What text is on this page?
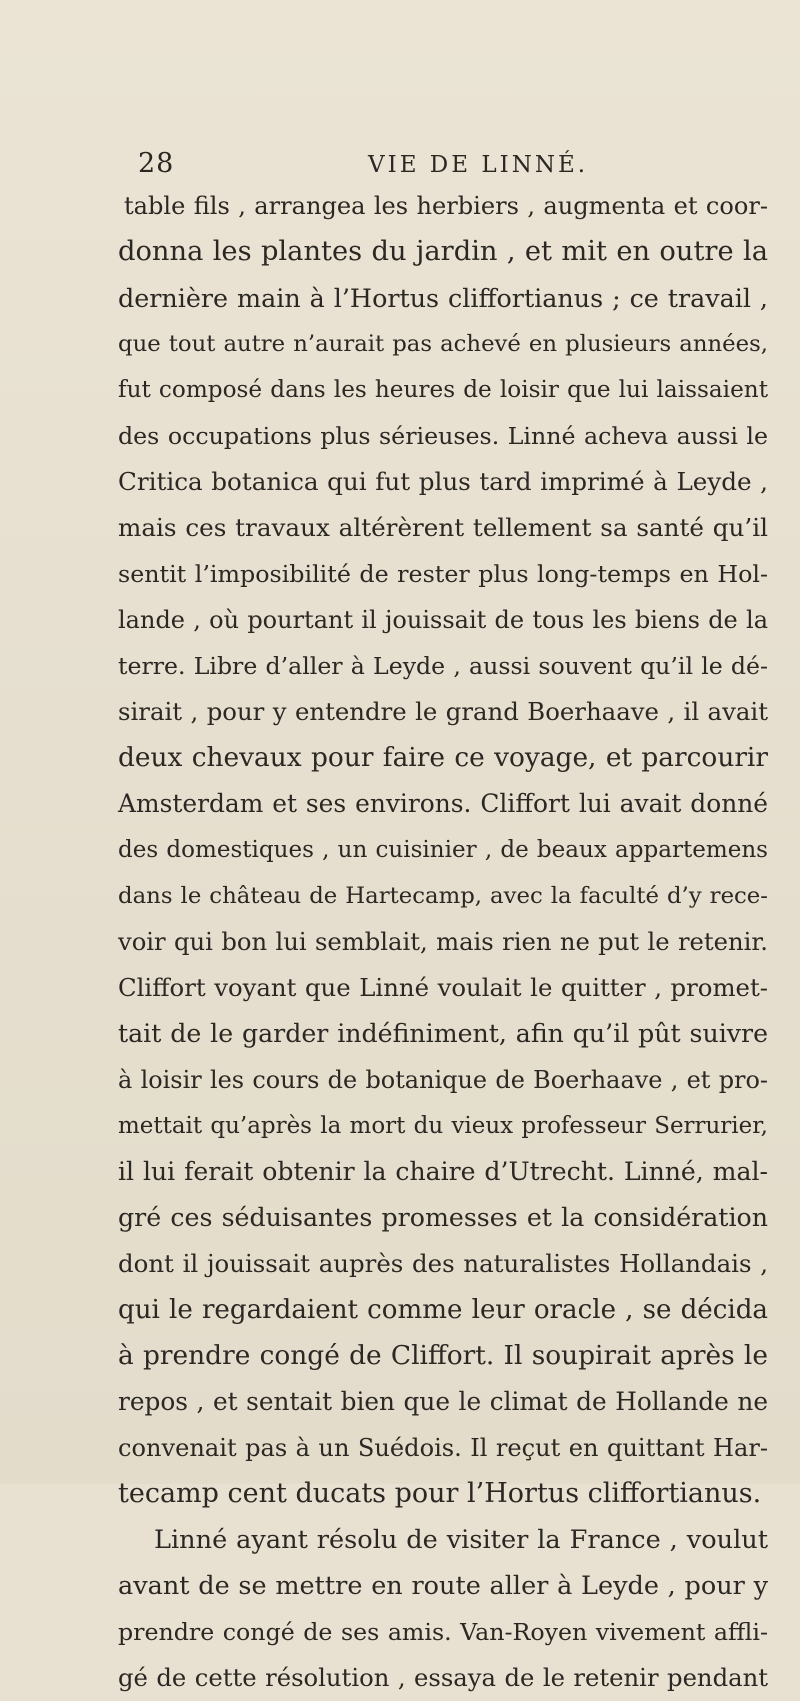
28	VIE DE LINNÉ.
table fils , arrangea les herbiers , augmenta et coor-
donna les plantes du jardin , et mit en outre la
dernière main à l’Hortus cliffortianus ; ce travail ,
que tout autre n’aurait pas achevé en plusieurs années,
fut composé dans les heures de loisir que lui laissaient
des occupations plus sérieuses. Linné acheva aussi le
Critica botanica qui fut plus tard imprimé à Leyde ,
mais ces travaux altérèrent tellement sa santé qu’il
sentit l’imposibilité de rester plus long-temps en Hol-
lande , où pourtant il jouissait de tous les biens de la
terre. Libre d’aller à Leyde , aussi souvent qu’il le dé-
sirait , pour y entendre le grand Boerhaave , il avait
deux chevaux pour faire ce voyage, et parcourir
Amsterdam et ses environs. Cliffort lui avait donné
des domestiques , un cuisinier , de beaux appartemens
dans le château de Hartecamp, avec la faculté d’y rece-
voir qui bon lui semblait, mais rien ne put le retenir.
Cliffort voyant que Linné voulait le quitter , promet-
tait de le garder indéfiniment, afin qu’il pût suivre
à loisir les cours de botanique de Boerhaave , et pro-
mettait qu’après la mort du vieux professeur Serrurier,
il lui ferait obtenir la chaire d’Utrecht. Linné, mal-
gré ces séduisantes promesses et la considération
dont il jouissait auprès des naturalistes Hollandais ,
qui le regardaient comme leur oracle , se décida
à prendre congé de Cliffort. Il soupirait après le
repos , et sentait bien que le climat de Hollande ne
convenait pas à un Suédois. Il reçut en quittant Har-
tecamp cent ducats pour l’Hortus cliffortianus.
Linné ayant résolu de visiter la France , voulut
avant de se mettre en route aller à Leyde , pour y
prendre congé de ses amis. Van-Royen vivement affli-
gé de cette résolution , essaya de le retenir pendant
